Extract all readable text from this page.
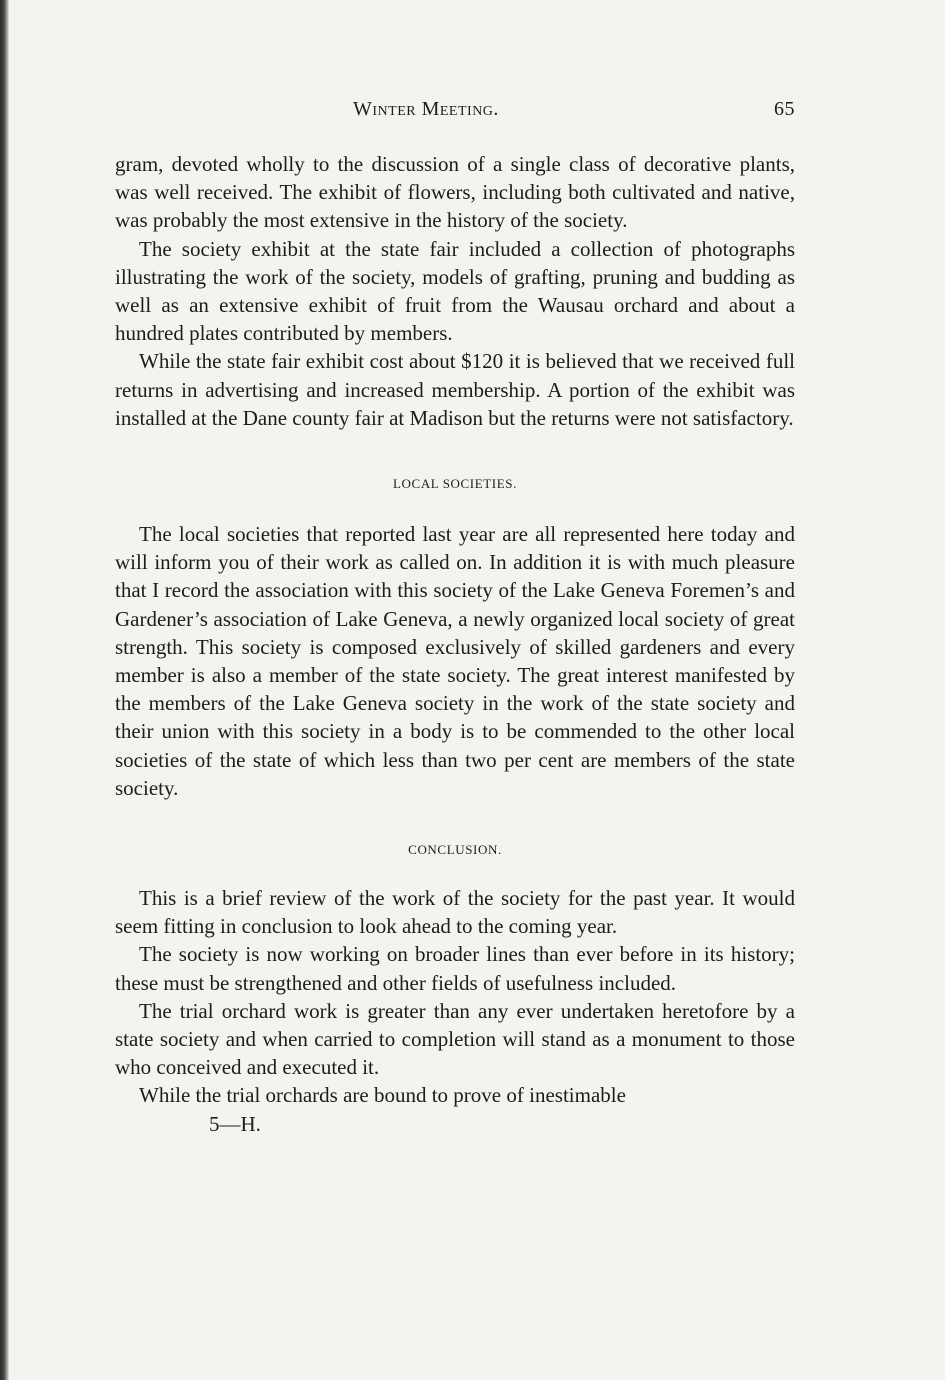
Winter Meeting.	65

gram, devoted wholly to the discussion of a single class of decorative plants, was well received. The exhibit of flowers, including both cultivated and native, was probably the most extensive in the history of the society.

The society exhibit at the state fair included a collection of photographs illustrating the work of the society, models of grafting, pruning and budding as well as an extensive exhibit of fruit from the Wausau orchard and about a hundred plates contributed by members.

While the state fair exhibit cost about $120 it is believed that we received full returns in advertising and increased membership. A portion of the exhibit was installed at the Dane county fair at Madison but the returns were not satisfactory.

LOCAL SOCIETIES.

The local societies that reported last year are all represented here today and will inform you of their work as called on. In addition it is with much pleasure that I record the association with this society of the Lake Geneva Foremen’s and Gardener’s association of Lake Geneva, a newly organized local society of great strength. This society is composed exclusively of skilled gardeners and every member is also a member of the state society. The great interest manifested by the members of the Lake Geneva society in the work of the state society and their union with this society in a body is to be commended to the other local societies of the state of which less than two per cent are members of the state society.

CONCLUSION.

This is a brief review of the work of the society for the past year. It would seem fitting in conclusion to look ahead to the coming year.

The society is now working on broader lines than ever before in its history; these must be strengthened and other fields of usefulness included.

The trial orchard work is greater than any ever undertaken heretofore by a state society and when carried to completion will stand as a monument to those who conceived and executed it.

While the trial orchards are bound to prove of inestimable

5—H.
